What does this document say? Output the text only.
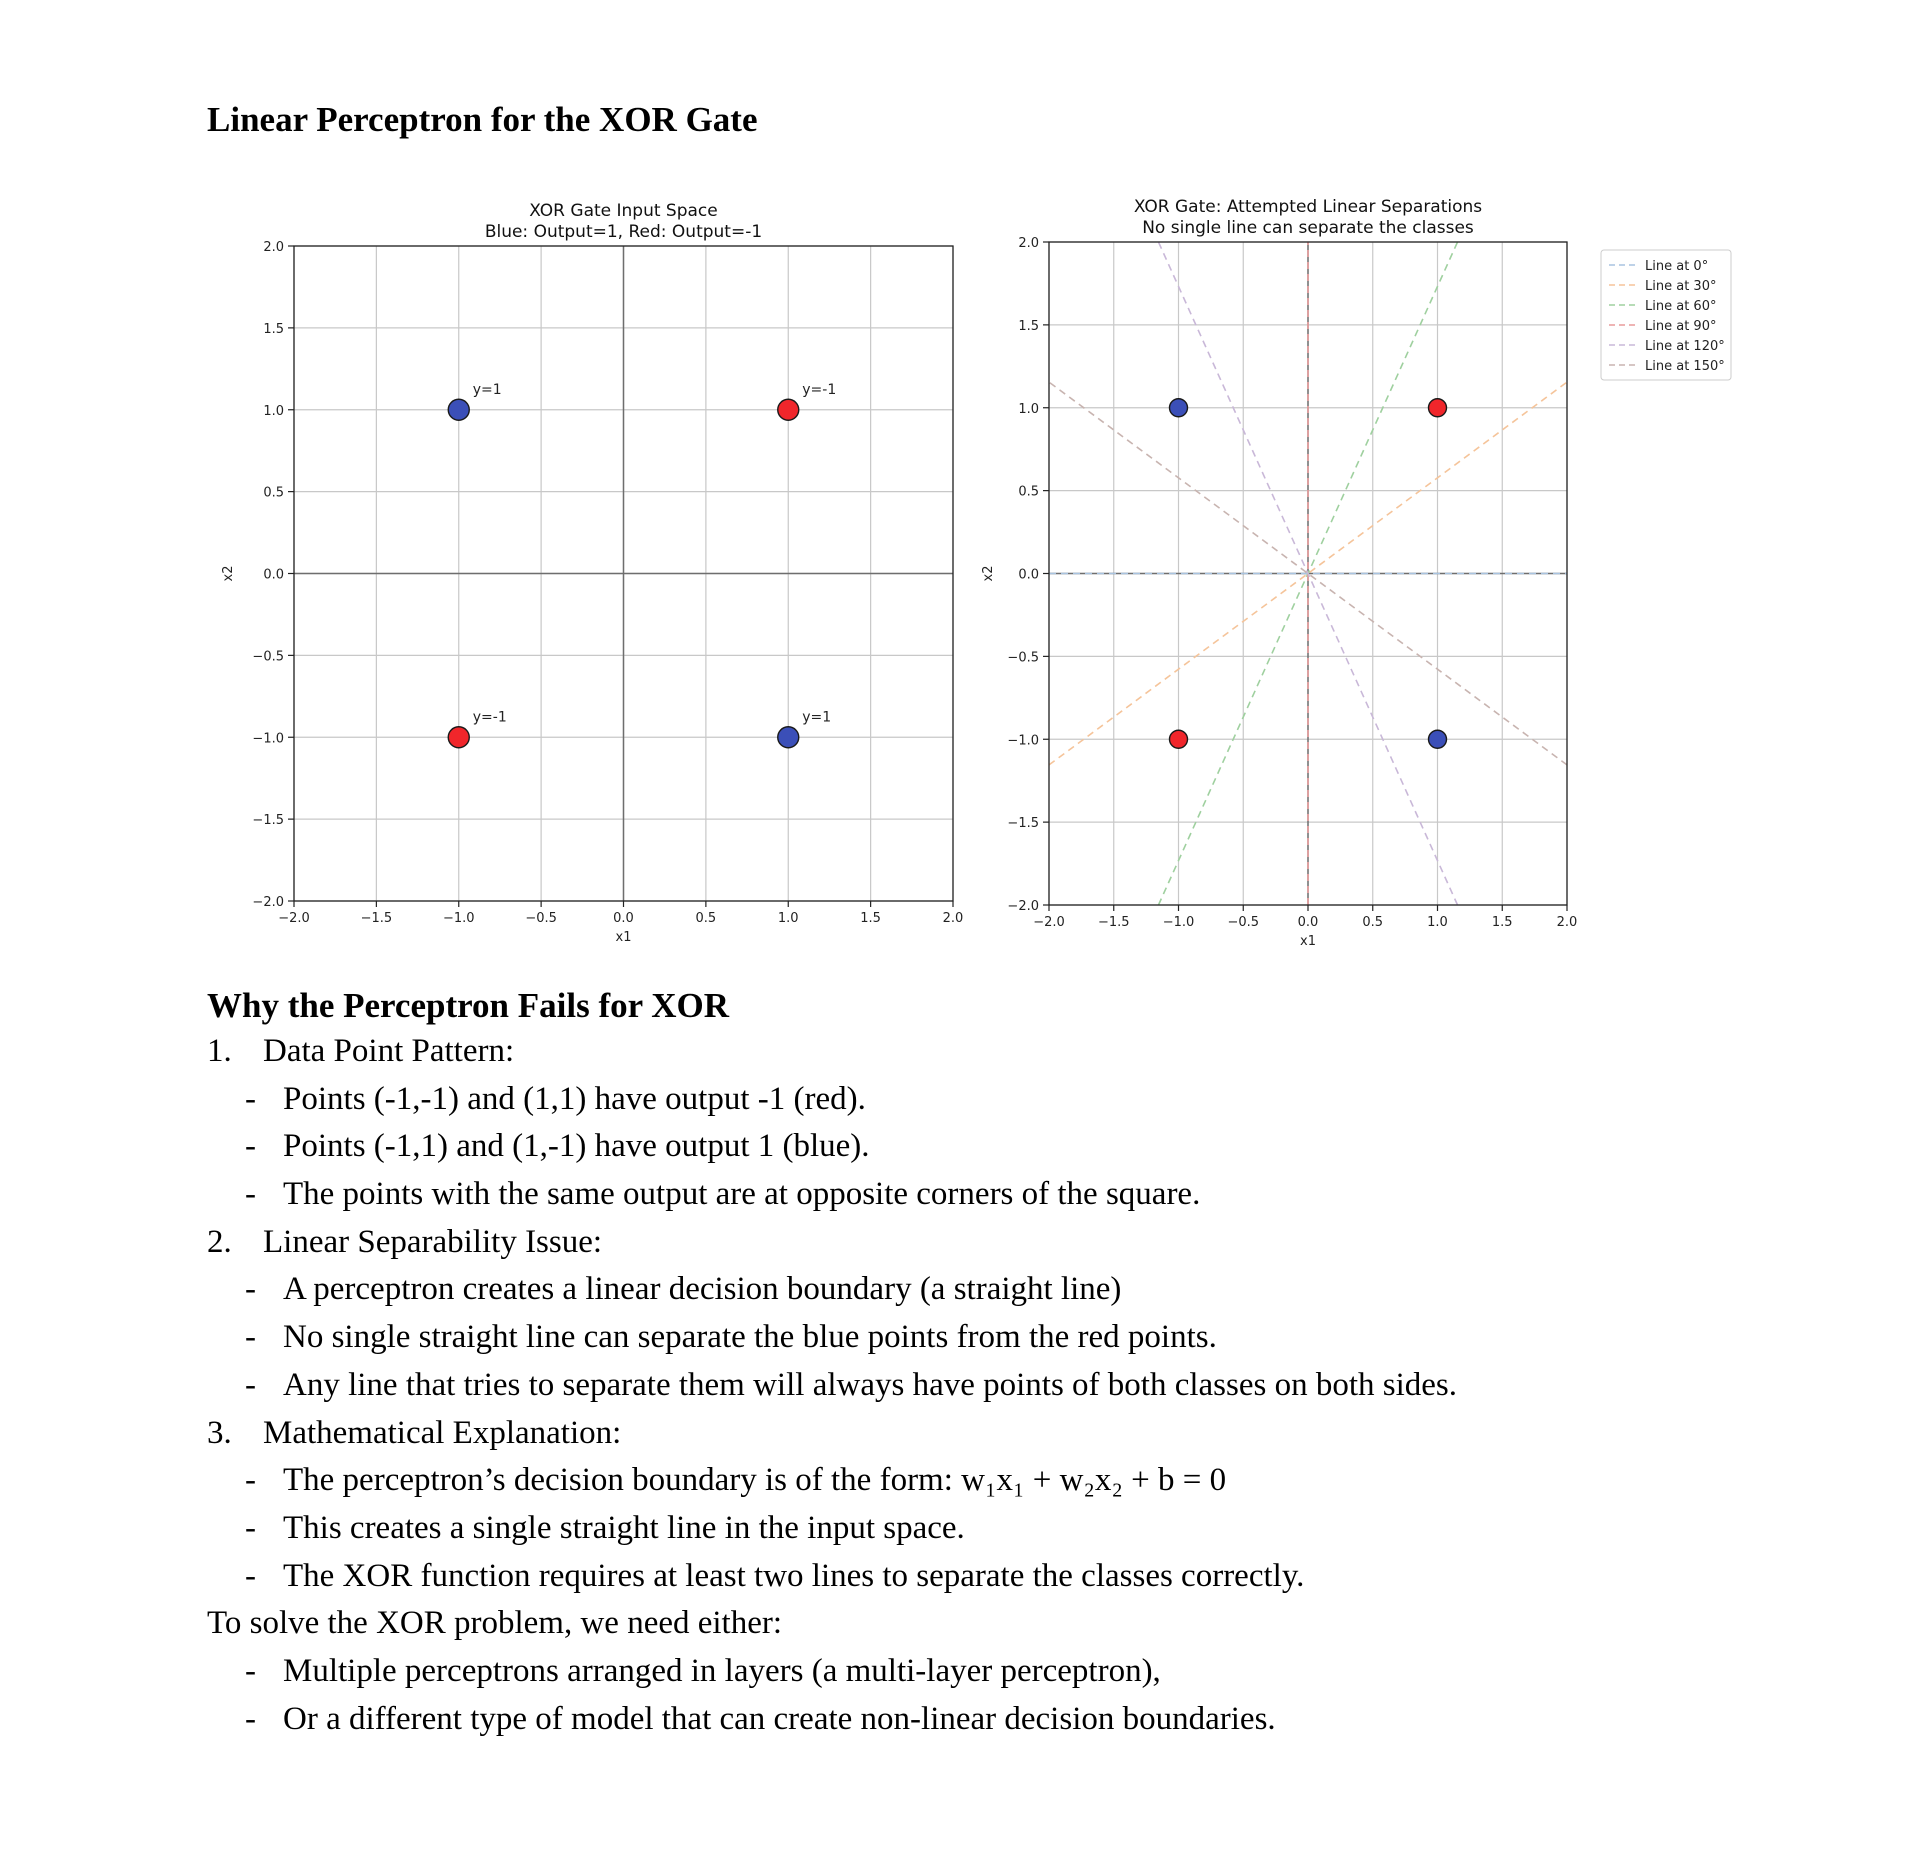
Linear Perceptron for the XOR Gate
XOR Gate Input Space
Blue: Output=1, Red: Output=-1
−2.0	−1.5	−1.0	−0.5	0.0	0.5	1.0	1.5	2.0
−2.0
−1.5
−1.0
−0.5
0.0
0.5
1.0
1.5
2.0
x1
x2
y=1	y=-1
y=-1	y=1
XOR Gate: Attempted Linear Separations
No single line can separate the classes
−2.0	−1.5	−1.0	−0.5	0.0	0.5	1.0	1.5	2.0
−2.0
−1.5
−1.0
−0.5
0.0
0.5
1.0
1.5
2.0
x1
x2
Line at 0°
Line at 30°
Line at 60°
Line at 90°
Line at 120°
Line at 150°
Why the Perceptron Fails for XOR
1. Data Point Pattern:
- Points (-1,-1) and (1,1) have output -1 (red).
- Points (-1,1) and (1,-1) have output 1 (blue).
- The points with the same output are at opposite corners of the square.
2. Linear Separability Issue:
- A perceptron creates a linear decision boundary (a straight line)
- No single straight line can separate the blue points from the red points.
- Any line that tries to separate them will always have points of both classes on both sides.
3. Mathematical Explanation:
- The perceptron’s decision boundary is of the form: w₁x₁ + w₂x₂ + b = 0
- This creates a single straight line in the input space.
- The XOR function requires at least two lines to separate the classes correctly.
To solve the XOR problem, we need either:
- Multiple perceptrons arranged in layers (a multi-layer perceptron),
- Or a different type of model that can create non-linear decision boundaries.
